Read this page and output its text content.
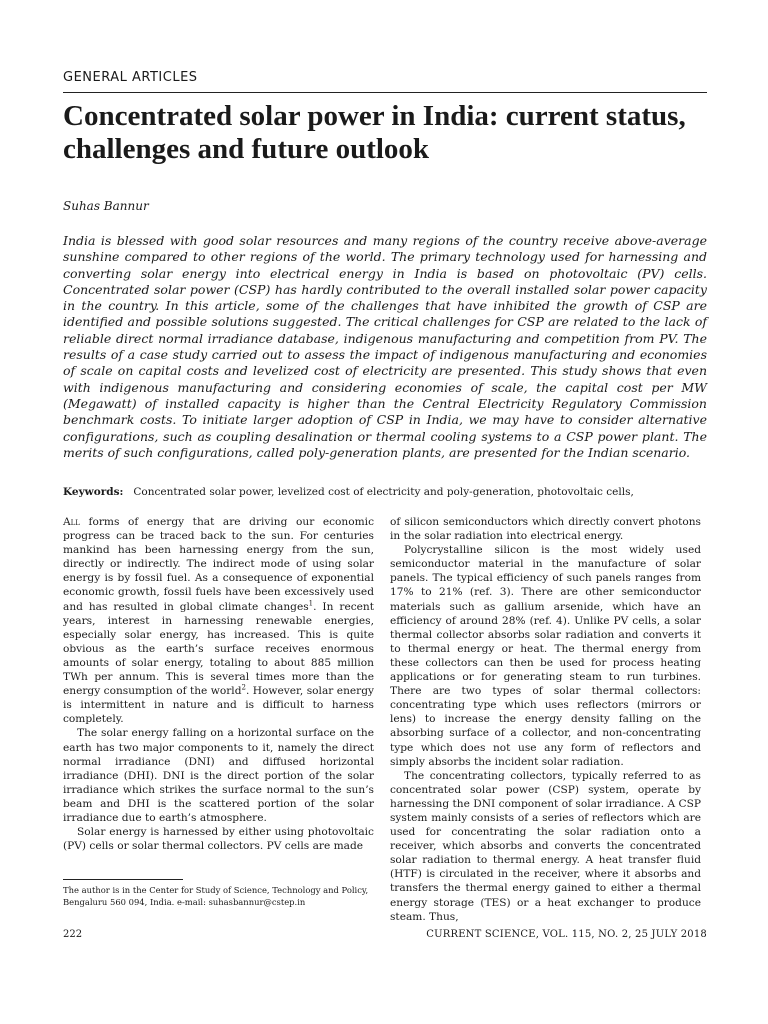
GENERAL ARTICLES
Concentrated solar power in India: current status, challenges and future outlook
Suhas Bannur

India is blessed with good solar resources and many regions of the country receive above-average sunshine compared to other regions of the world. The primary technology used for harnessing and converting solar energy into electrical energy in India is based on photovoltaic (PV) cells. Concentrated solar power (CSP) has hardly contributed to the overall installed solar power capacity in the country. In this article, some of the challenges that have inhibited the growth of CSP are identified and possible solutions suggested. The critical challenges for CSP are related to the lack of reliable direct normal irradiance database, indigenous manufacturing and competition from PV. The results of a case study carried out to assess the impact of indigenous manufacturing and economies of scale on capital costs and levelized cost of electricity are presented. This study shows that even with indigenous manufacturing and considering economies of scale, the capital cost per MW (Megawatt) of installed capacity is higher than the Central Electricity Regulatory Commission benchmark costs. To initiate larger adoption of CSP in India, we may have to consider alternative configurations, such as coupling desalination or thermal cooling systems to a CSP power plant. The merits of such configurations, called poly-generation plants, are presented for the Indian scenario.

Keywords: Concentrated solar power, levelized cost of electricity and poly-generation, photovoltaic cells,

All forms of energy that are driving our economic progress can be traced back to the sun. For centuries mankind has been harnessing energy from the sun, directly or indirectly. The indirect mode of using solar energy is by fossil fuel. As a consequence of exponential economic growth, fossil fuels have been excessively used and has resulted in global climate changes$^1$. In recent years, interest in harnessing renewable energies, especially solar energy, has increased. This is quite obvious as the earth’s surface receives enormous amounts of solar energy, totaling to about 885 million TWh per annum. This is several times more than the energy consumption of the world$^2$. However, solar energy is intermittent in nature and is difficult to harness completely.

The solar energy falling on a horizontal surface on the earth has two major components to it, namely the direct normal irradiance (DNI) and diffused horizontal irradiance (DHI). DNI is the direct portion of the solar irradiance which strikes the surface normal to the sun’s beam and DHI is the scattered portion of the solar irradiance due to earth’s atmosphere.

Solar energy is harnessed by either using photovoltaic (PV) cells or solar thermal collectors. PV cells are made

of silicon semiconductors which directly convert photons in the solar radiation into electrical energy.

Polycrystalline silicon is the most widely used semiconductor material in the manufacture of solar panels. The typical efficiency of such panels ranges from 17% to 21% (ref. 3). There are other semiconductor materials such as gallium arsenide, which have an efficiency of around 28% (ref. 4). Unlike PV cells, a solar thermal collector absorbs solar radiation and converts it to thermal energy or heat. The thermal energy from these collectors can then be used for process heating applications or for generating steam to run turbines. There are two types of solar thermal collectors: concentrating type which uses reflectors (mirrors or lens) to increase the energy density falling on the absorbing surface of a collector, and non-concentrating type which does not use any form of reflectors and simply absorbs the incident solar radiation.

The concentrating collectors, typically referred to as concentrated solar power (CSP) system, operate by harnessing the DNI component of solar irradiance. A CSP system mainly consists of a series of reflectors which are used for concentrating the solar radiation onto a receiver, which absorbs and converts the concentrated solar radiation to thermal energy. A heat transfer fluid (HTF) is circulated in the receiver, where it absorbs and transfers the thermal energy gained to either a thermal energy storage (TES) or a heat exchanger to produce steam. Thus,

The author is in the Center for Study of Science, Technology and Policy, Bengaluru 560 094, India. e-mail: suhasbannur@cstep.in
222	CURRENT SCIENCE, VOL. 115, NO. 2, 25 JULY 2018
